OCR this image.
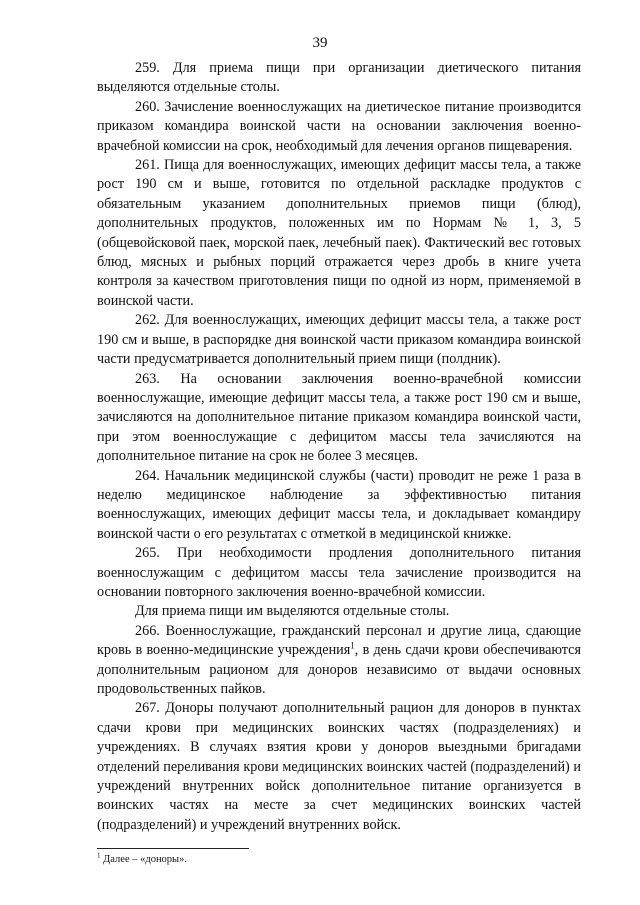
39

259. Для приема пищи при организации диетического питания выделяются отдельные столы.

260. Зачисление военнослужащих на диетическое питание производится приказом командира воинской части на основании заключения военно-врачебной комиссии на срок, необходимый для лечения органов пищеварения.

261. Пища для военнослужащих, имеющих дефицит массы тела, а также рост 190 см и выше, готовится по отдельной раскладке продуктов с обязательным указанием дополнительных приемов пищи (блюд), дополнительных продуктов, положенных им по Нормам № 1, 3, 5 (общевойсковой паек, морской паек, лечебный паек). Фактический вес готовых блюд, мясных и рыбных порций отражается через дробь в книге учета контроля за качеством приготовления пищи по одной из норм, применяемой в воинской части.

262. Для военнослужащих, имеющих дефицит массы тела, а также рост 190 см и выше, в распорядке дня воинской части приказом командира воинской части предусматривается дополнительный прием пищи (полдник).

263. На основании заключения военно-врачебной комиссии военнослужащие, имеющие дефицит массы тела, а также рост 190 см и выше, зачисляются на дополнительное питание приказом командира воинской части, при этом военнослужащие с дефицитом массы тела зачисляются на дополнительное питание на срок не более 3 месяцев.

264. Начальник медицинской службы (части) проводит не реже 1 раза в неделю медицинское наблюдение за эффективностью питания военнослужащих, имеющих дефицит массы тела, и докладывает командиру воинской части о его результатах с отметкой в медицинской книжке.

265. При необходимости продления дополнительного питания военнослужащим с дефицитом массы тела зачисление производится на основании повторного заключения военно-врачебной комиссии.

Для приема пищи им выделяются отдельные столы.

266. Военнослужащие, гражданский персонал и другие лица, сдающие кровь в военно-медицинские учреждения$^1$, в день сдачи крови обеспечиваются дополнительным рационом для доноров независимо от выдачи основных продовольственных пайков.

267. Доноры получают дополнительный рацион для доноров в пунктах сдачи крови при медицинских воинских частях (подразделениях) и учреждениях. В случаях взятия крови у доноров выездными бригадами отделений переливания крови медицинских воинских частей (подразделений) и учреждений внутренних войск дополнительное питание организуется в воинских частях на месте за счет медицинских воинских частей (подразделений) и учреждений внутренних войск.

$^1$ Далее – «доноры».
